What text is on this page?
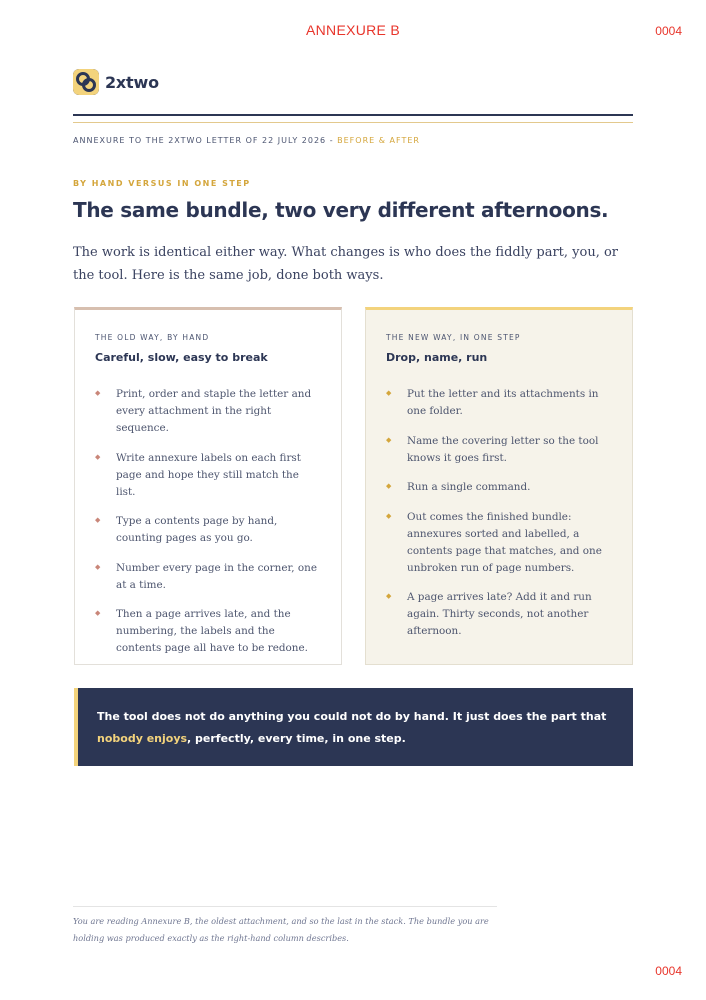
ANNEXURE B	0004
2xtwo
ANNEXURE TO THE 2XTWO LETTER OF 22 JULY 2026 - BEFORE & AFTER
BY HAND VERSUS IN ONE STEP
The same bundle, two very different afternoons.

The work is identical either way. What changes is who does the fiddly part, you, or the tool. Here is the same job, done both ways.

THE OLD WAY, BY HAND
Careful, slow, easy to break
◆ Print, order and staple the letter and every attachment in the right sequence.
◆ Write annexure labels on each first page and hope they still match the list.
◆ Type a contents page by hand, counting pages as you go.
◆ Number every page in the corner, one at a time.
◆ Then a page arrives late, and the numbering, the labels and the contents page all have to be redone.
THE NEW WAY, IN ONE STEP
Drop, name, run
◆ Put the letter and its attachments in one folder.
◆ Name the covering letter so the tool knows it goes first.
◆ Run a single command.
◆ Out comes the finished bundle: annexures sorted and labelled, a contents page that matches, and one unbroken run of page numbers.
◆ A page arrives late? Add it and run again. Thirty seconds, not another afternoon.

The tool does not do anything you could not do by hand. It just does the part that nobody enjoys, perfectly, every time, in one step.

You are reading Annexure B, the oldest attachment, and so the last in the stack. The bundle you are holding was produced exactly as the right-hand column describes.

0004
